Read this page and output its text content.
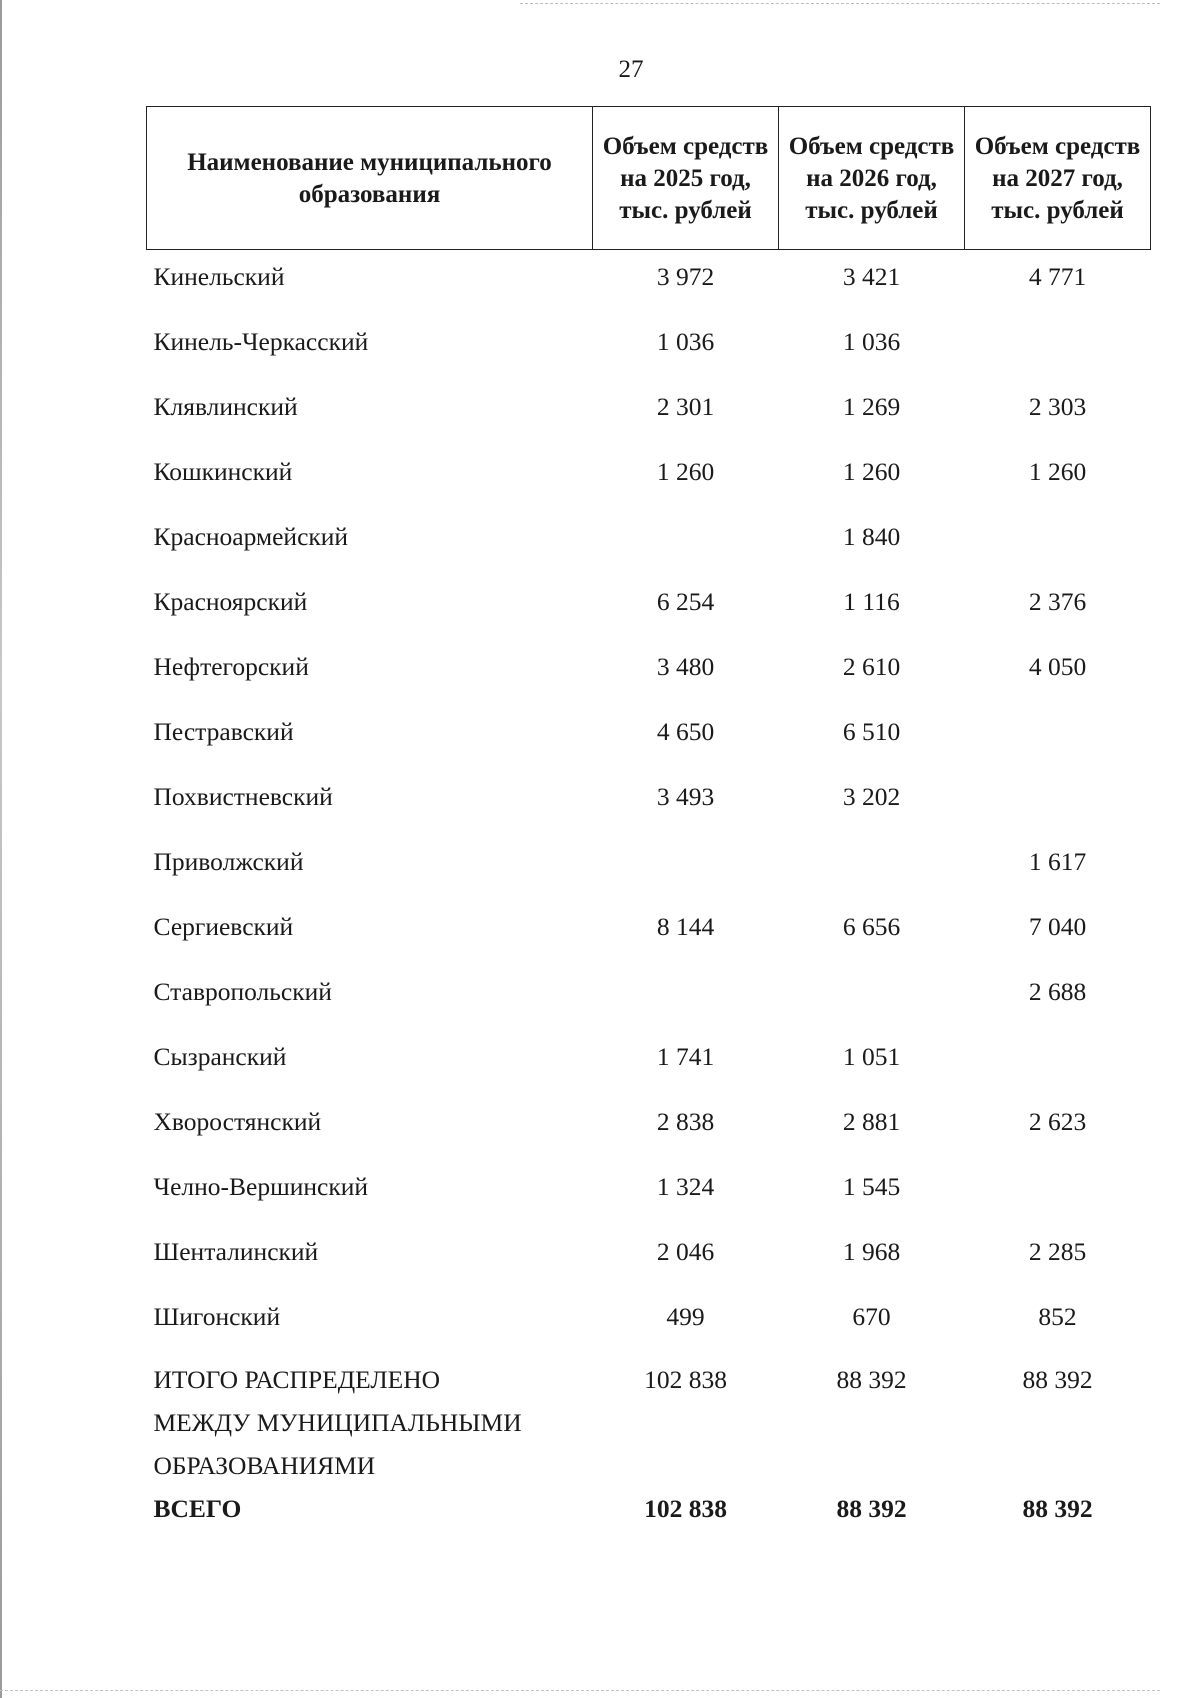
27
Наименование муниципального образования	Объем средств на 2025 год, тыс. рублей	Объем средств на 2026 год, тыс. рублей	Объем средств на 2027 год, тыс. рублей
Кинельский	3 972	3 421	4 771
Кинель-Черкасский	1 036	1 036	
Клявлинский	2 301	1 269	2 303
Кошкинский	1 260	1 260	1 260
Красноармейский		1 840	
Красноярский	6 254	1 116	2 376
Нефтегорский	3 480	2 610	4 050
Пестравский	4 650	6 510	
Похвистневский	3 493	3 202	
Приволжский			1 617
Сергиевский	8 144	6 656	7 040
Ставропольский			2 688
Сызранский	1 741	1 051	
Хворостянский	2 838	2 881	2 623
Челно-Вершинский	1 324	1 545	
Шенталинский	2 046	1 968	2 285
Шигонский	499	670	852

ИТОГО РАСПРЕДЕЛЕНО
МЕЖДУ МУНИЦИПАЛЬНЫМИ
ОБРАЗОВАНИЯМИ	102 838	88 392	88 392
ВСЕГО	102 838	88 392	88 392
